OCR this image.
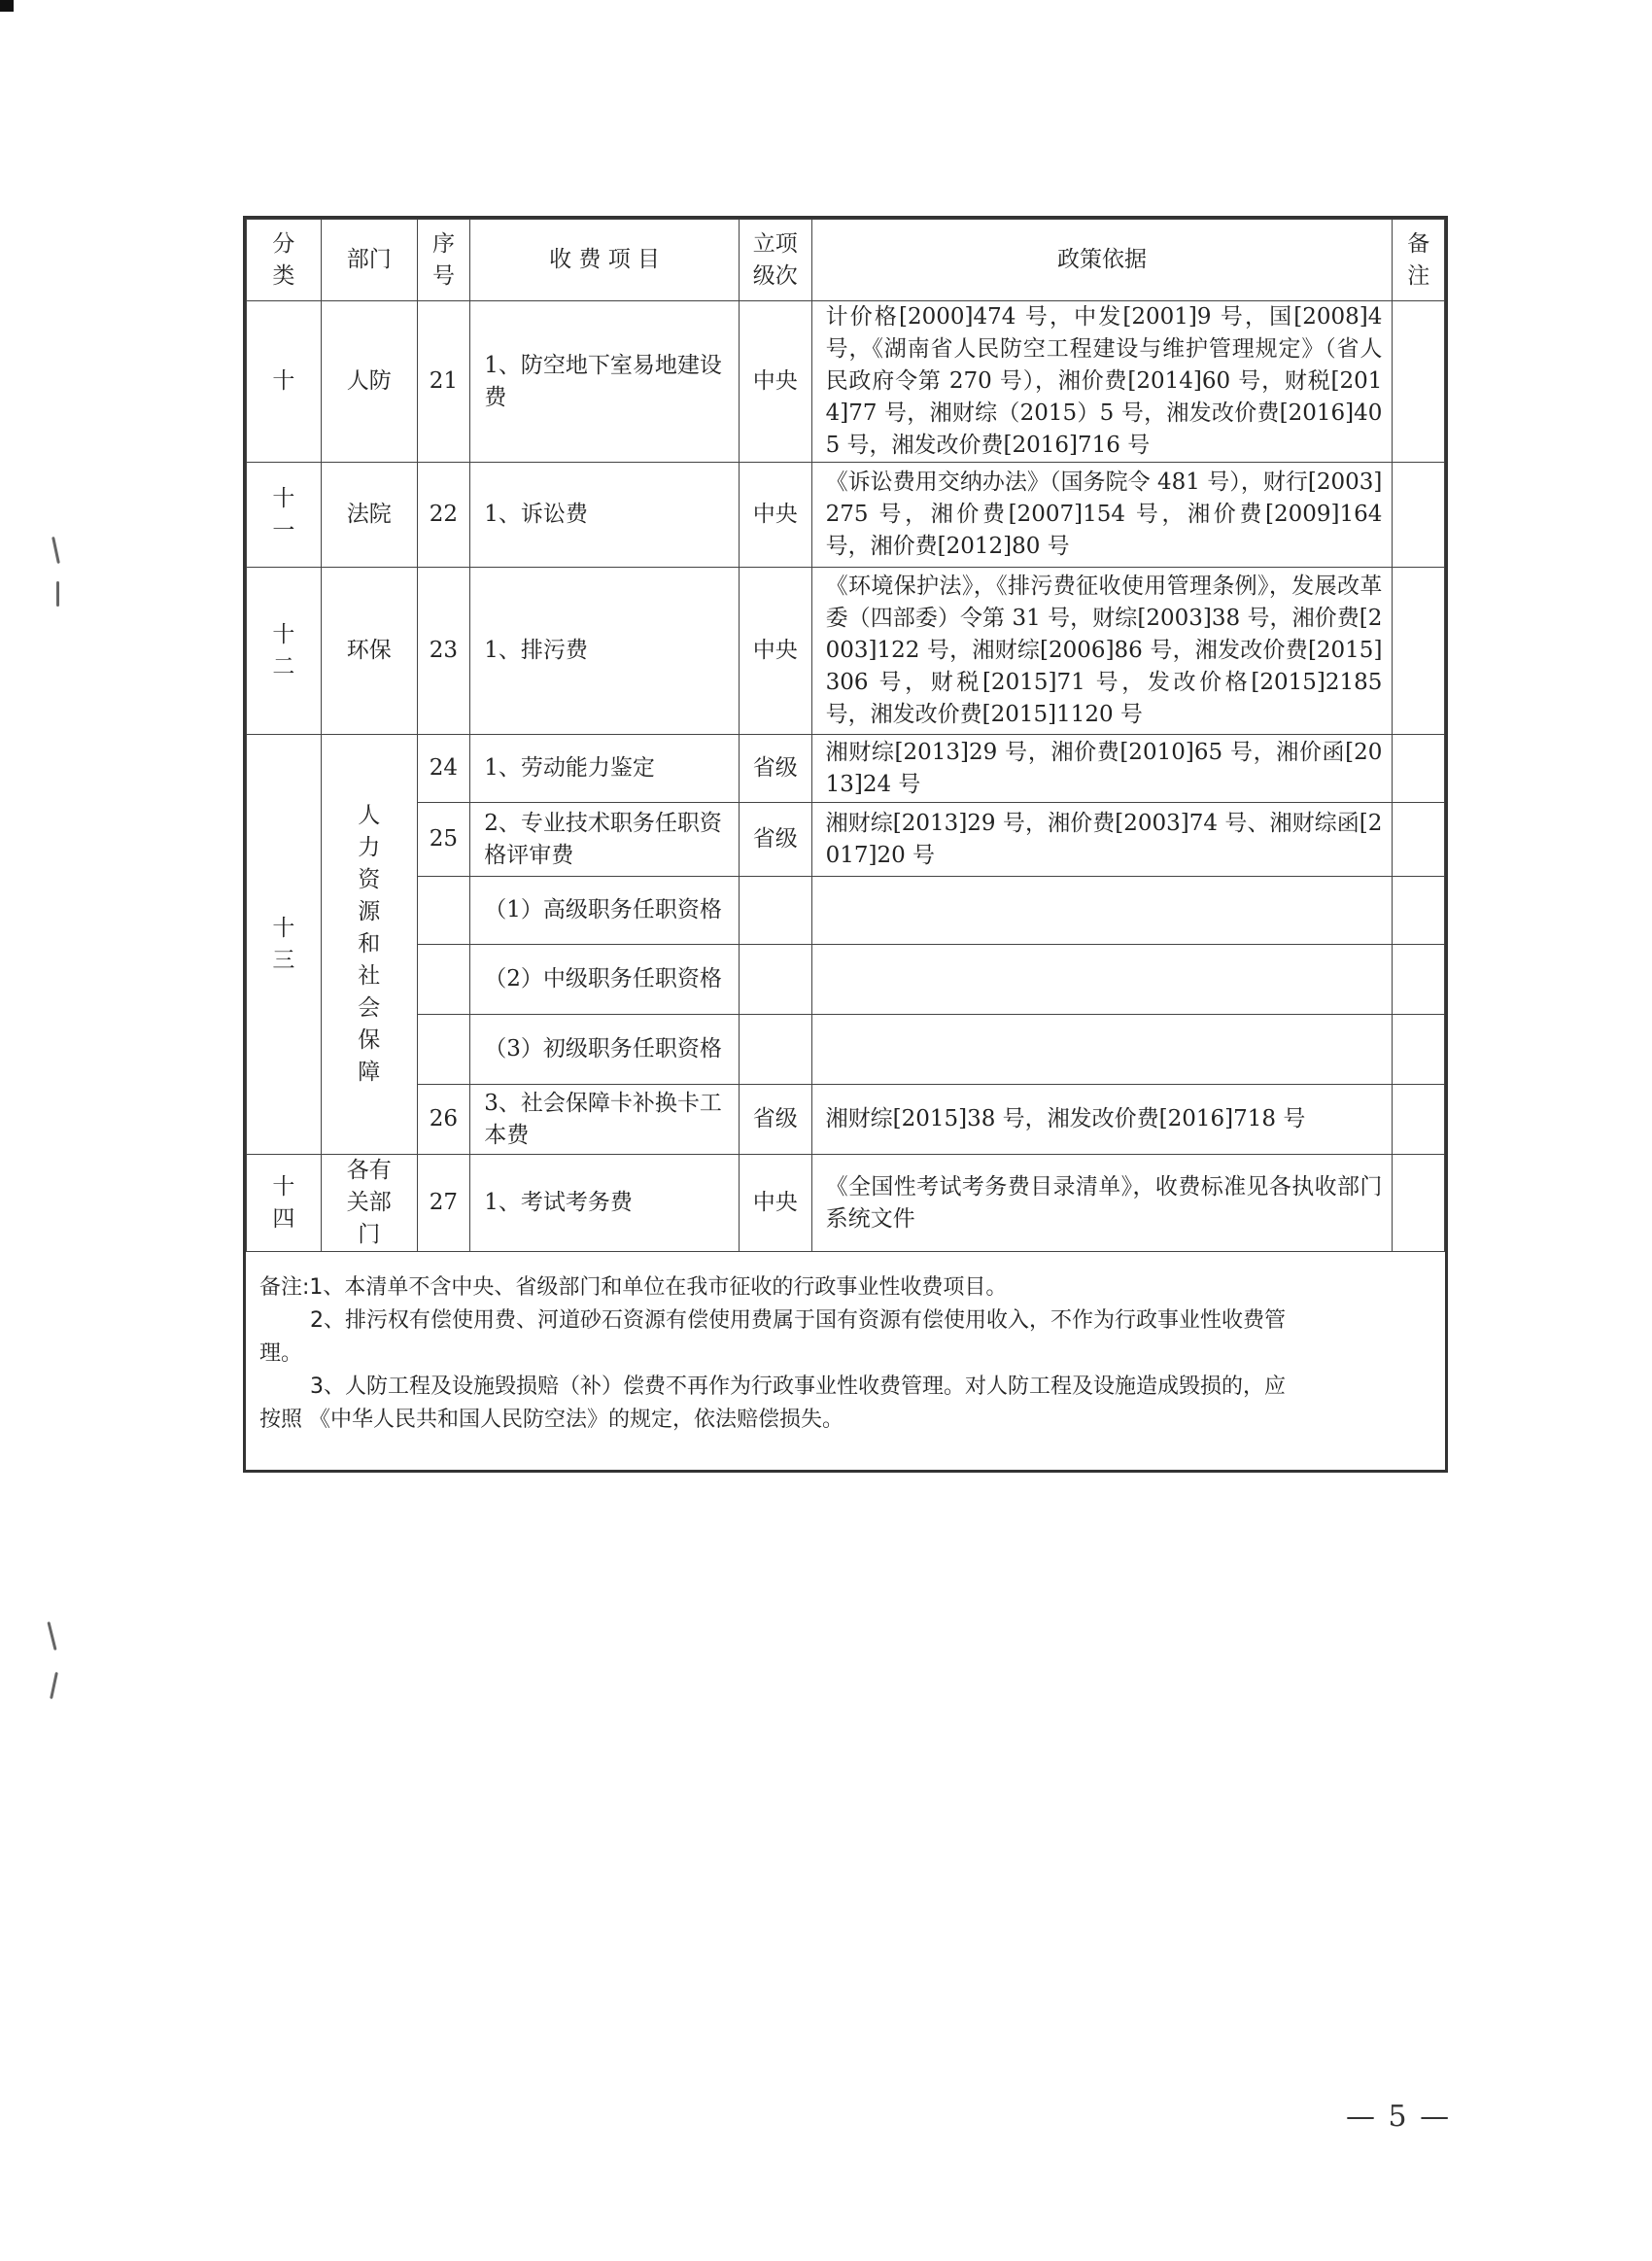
分类	部门	序号	收 费 项 目	立项级次	政策依据	备注
十	人防	21	1、防空地下室易地建设费	中央	计价格[2000]474 号，中发[2001]9 号，国[2008]4 号，《湖南省人民防空工程建设与维护管理规定》（省人民政府令第 270 号），湘价费[2014]60 号，财税[2014]77 号，湘财综（2015）5 号，湘发改价费[2016]405 号，湘发改价费[2016]716 号	
十一	法院	22	1、诉讼费	中央	《诉讼费用交纳办法》（国务院令 481 号），财行[2003]275 号，湘价费[2007]154 号，湘价费[2009]164 号，湘价费[2012]80 号	
十二	环保	23	1、排污费	中央	《环境保护法》，《排污费征收使用管理条例》，发展改革委（四部委）令第 31 号，财综[2003]38 号，湘价费[2003]122 号，湘财综[2006]86 号，湘发改价费[2015]306 号，财税[2015]71 号，发改价格[2015]2185 号，湘发改价费[2015]1120 号	
十三	人力资源和社会保障	24	1、劳动能力鉴定	省级	湘财综[2013]29 号，湘价费[2010]65 号，湘价函[2013]24 号	
		25	2、专业技术职务任职资格评审费	省级	湘财综[2013]29 号，湘价费[2003]74 号、湘财综函[2017]20 号	
			（1）高级职务任职资格			
			（2）中级职务任职资格			
			（3）初级职务任职资格			
		26	3、社会保障卡补换卡工本费	省级	湘财综[2015]38 号，湘发改价费[2016]718 号	
十四	各有关部门	27	1、考试考务费	中央	《全国性考试考务费目录清单》，收费标准见各执收部门系统文件	
备注:1、本清单不含中央、省级部门和单位在我市征收的行政事业性收费项目。
2、排污权有偿使用费、河道砂石资源有偿使用费属于国有资源有偿使用收入，不作为行政事业性收费管
理。
3、人防工程及设施毁损赔（补）偿费不再作为行政事业性收费管理。对人防工程及设施造成毁损的，应
按照 《中华人民共和国人民防空法》的规定，依法赔偿损失。
— 5 —
